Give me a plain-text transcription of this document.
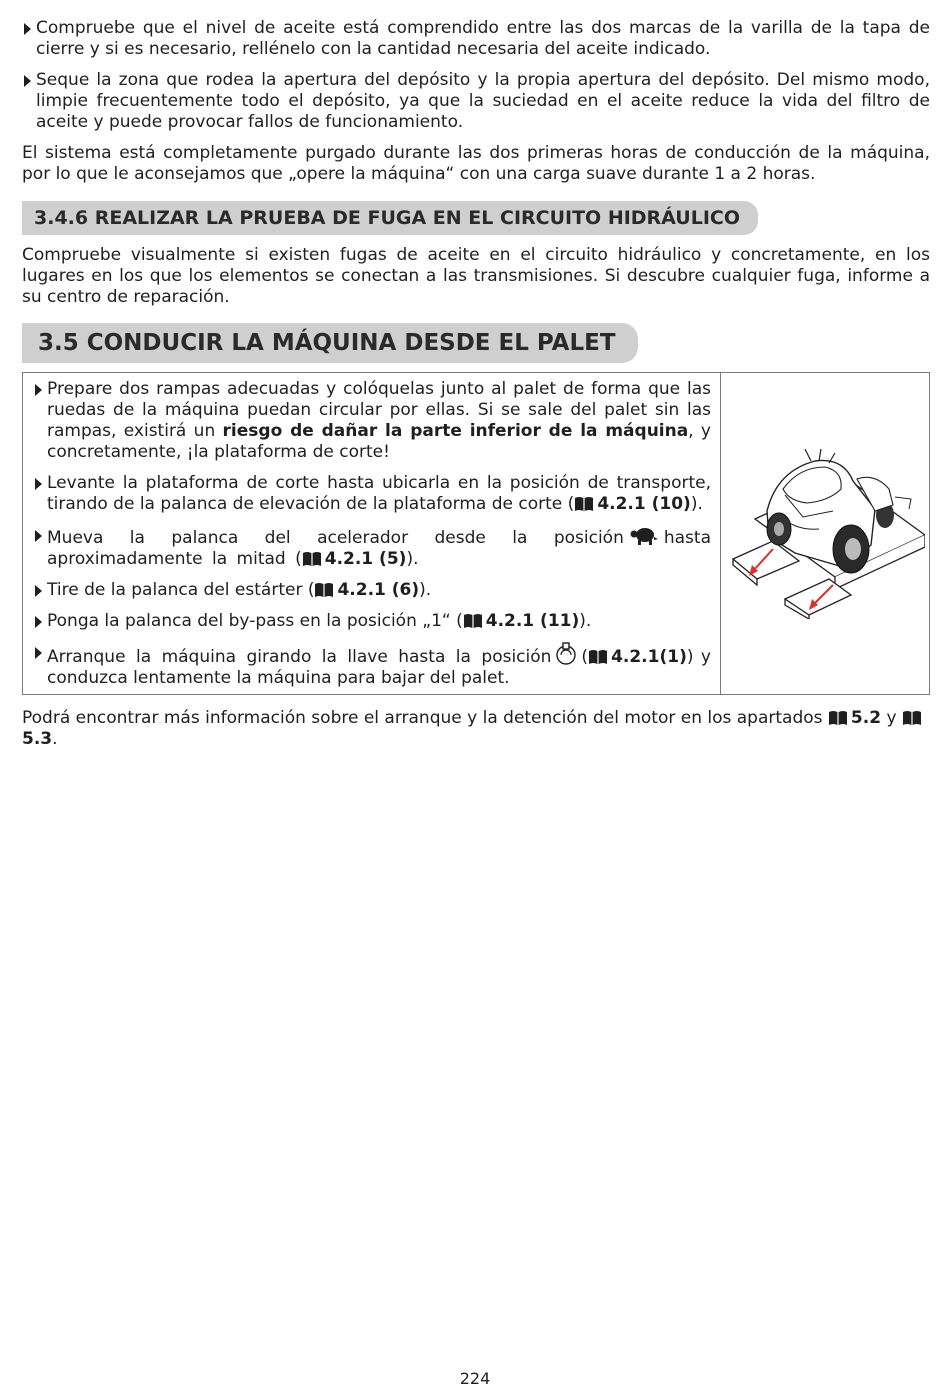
Compruebe que el nivel de aceite está comprendido entre las dos marcas de la varilla de la tapa de cierre y si es necesario, rellénelo con la cantidad necesaria del aceite indicado.
Seque la zona que rodea la apertura del depósito y la propia apertura del depósito. Del mismo modo, limpie frecuentemente todo el depósito, ya que la suciedad en el aceite reduce la vida del filtro de aceite y puede provocar fallos de funcionamiento.

El sistema está completamente purgado durante las dos primeras horas de conducción de la máquina, por lo que le aconsejamos que „opere la máquina“ con una carga suave durante 1 a 2 horas.

3.4.6 REALIZAR LA PRUEBA DE FUGA EN EL CIRCUITO HIDRÁULICO

Compruebe visualmente si existen fugas de aceite en el circuito hidráulico y concretamente, en los lugares en los que los elementos se conectan a las transmisiones. Si descubre cualquier fuga, informe a su centro de reparación.

3.5 CONDUCIR LA MÁQUINA DESDE EL PALET
Prepare dos rampas adecuadas y colóquelas junto al palet de forma que las ruedas de la máquina puedan circular por ellas. Si se sale del palet sin las rampas, existirá un riesgo de dañar la parte inferior de la máquina, y concretamente, ¡la plataforma de corte!
Levante la plataforma de corte hasta ubicarla en la posición de transporte, tirando de la palanca de elevación de la plataforma de corte ( 4.2.1 (10)).
Mueva la palanca del acelerador desde la posición hasta aproximadamente la mitad ( 4.2.1 (5)).
Tire de la palanca del estárter ( 4.2.1 (6)).
Ponga la palanca del by-pass en la posición „1“ ( 4.2.1 (11)).
Arranque la máquina girando la llave hasta la posición ( 4.2.1(1)) y conduzca lentamente la máquina para bajar del palet.

Podrá encontrar más información sobre el arranque y la detención del motor en los apartados 5.2 y 5.3.

224
